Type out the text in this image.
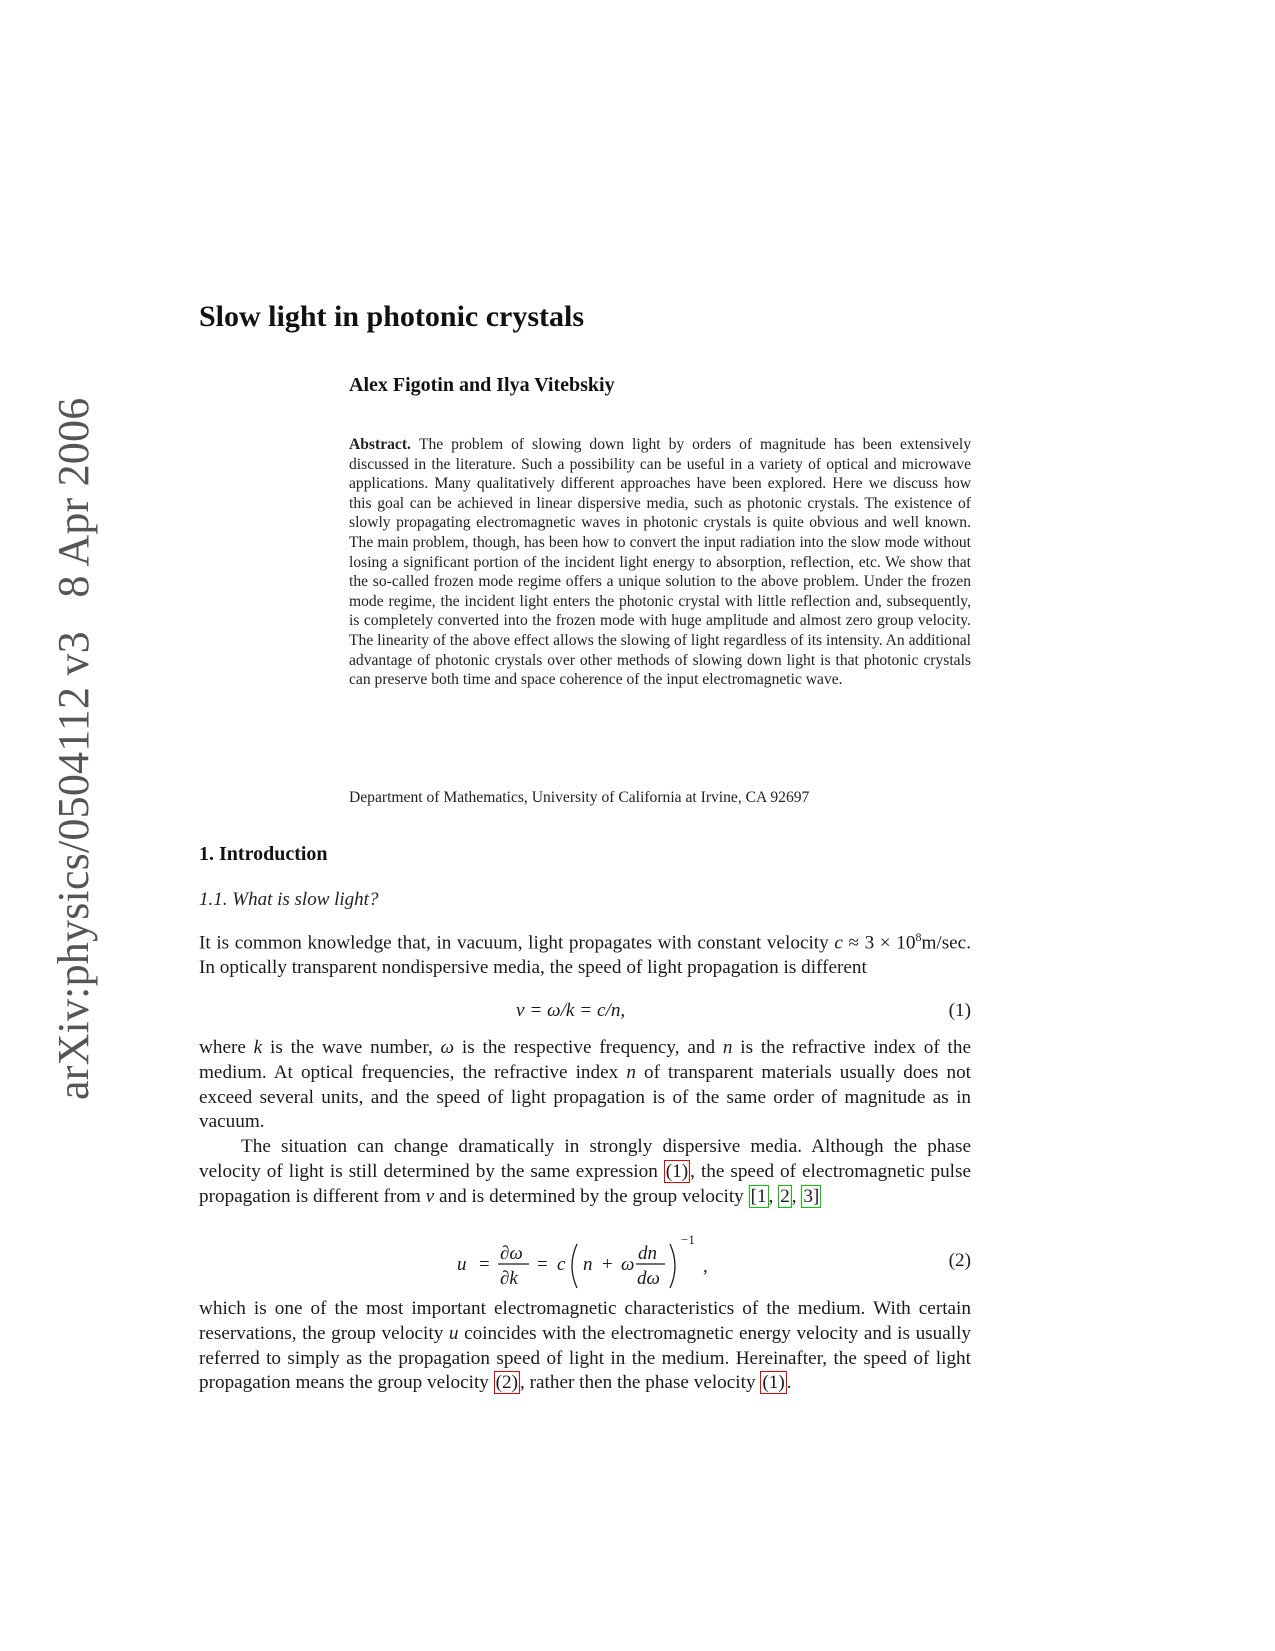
arXiv:physics/0504112 v3   8 Apr 2006
Slow light in photonic crystals
Alex Figotin and Ilya Vitebskiy
Abstract. The problem of slowing down light by orders of magnitude has been extensively discussed in the literature. Such a possibility can be useful in a variety of optical and microwave applications. Many qualitatively different approaches have been explored. Here we discuss how this goal can be achieved in linear dispersive media, such as photonic crystals. The existence of slowly propagating electromagnetic waves in photonic crystals is quite obvious and well known. The main problem, though, has been how to convert the input radiation into the slow mode without losing a significant portion of the incident light energy to absorption, reflection, etc. We show that the so-called frozen mode regime offers a unique solution to the above problem. Under the frozen mode regime, the incident light enters the photonic crystal with little reflection and, subsequently, is completely converted into the frozen mode with huge amplitude and almost zero group velocity. The linearity of the above effect allows the slowing of light regardless of its intensity. An additional advantage of photonic crystals over other methods of slowing down light is that photonic crystals can preserve both time and space coherence of the input electromagnetic wave.
Department of Mathematics, University of California at Irvine, CA 92697
1. Introduction
1.1. What is slow light?
It is common knowledge that, in vacuum, light propagates with constant velocity $c \approx 3 \times 10^8m/\sec$. In optically transparent nondispersive media, the speed of light propagation is different
v = ω/k = c/n,	(1)
where k is the wave number, ω is the respective frequency, and n is the refractive index of the medium. At optical frequencies, the refractive index n of transparent materials usually does not exceed several units, and the speed of light propagation is of the same order of magnitude as in vacuum.
The situation can change dramatically in strongly dispersive media. Although the phase velocity of light is still determined by the same expression (1) , the speed of electromagnetic pulse propagation is different from v and is determined by the group velocity [1 , 2 , 3]
u =
∂ω
∂k
= c n + ω
dn
dω
−1
,	(2)
which is one of the most important electromagnetic characteristics of the medium. With certain reservations, the group velocity u coincides with the electromagnetic energy velocity and is usually referred to simply as the propagation speed of light in the medium. Hereinafter, the speed of light propagation means the group velocity (2) , rather then the phase velocity (1) .
